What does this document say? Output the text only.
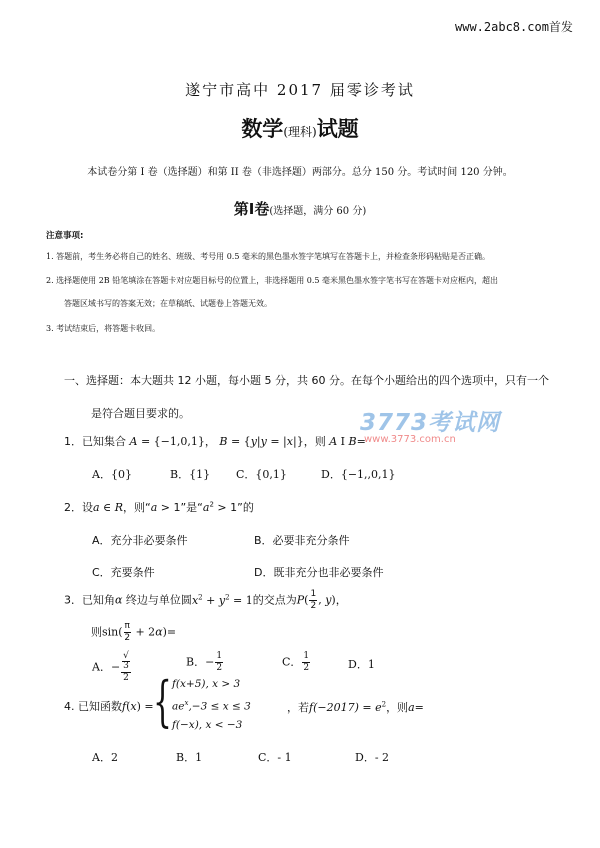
www.2abc8.com首发
遂宁市高中 2017 届零诊考试
数学(理科)试题
本试卷分第 I 卷（选择题）和第 II 卷（非选择题）两部分。总分 150 分。考试时间 120 分钟。
第Ⅰ卷(选择题，满分 60 分)
注意事项:
1. 答题前，考生务必将自己的姓名、班级、考号用 0.5 毫米的黑色墨水签字笔填写在答题卡上，并检查条形码粘贴是否正确。
2. 选择题使用 2B 铅笔填涂在答题卡对应题目标号的位置上，非选择题用 0.5 毫米黑色墨水签字笔书写在答题卡对应框内，超出
答题区域书写的答案无效；在草稿纸、试题卷上答题无效。
3. 考试结束后，将答题卡收回。
一、选择题：本大题共 12 小题，每小题 5 分，共 60 分。在每个小题给出的四个选项中，只有一个
是符合题目要求的。	3773考试网
www.3773.com.cn
1．已知集合 A = {−1,0,1}， B = {y|y = |x|}，则 A I B=
A．{0}	B．{1} C．{0,1}	D．{−1,,0,1}
2．设a ∈ R，则“a > 1”是“$a^2 > 1$”的
A．充分非必要条件	B．必要非充分条件
C．充要条件	D．既非充分也非必要条件
3．已知角α 终边与单位圆$x^2 + y^2 = 1$的交点为$P( \frac{1}{2}$ , y)，
则$\sin( \frac{\pi}{2} + 2\alpha)=$
A．− √
3
2	B．− $\frac{1}{2}$	C． $\frac{1}{2}$	D．1
4. 已知函数f(x) = { f(x+5), x > 3
$ae^x,-3 \le x \le 3$
f(−x), x < −3
，若$f(-2017) = e^2$，则a=
A．2	B．1	C．- 1	D．- 2
